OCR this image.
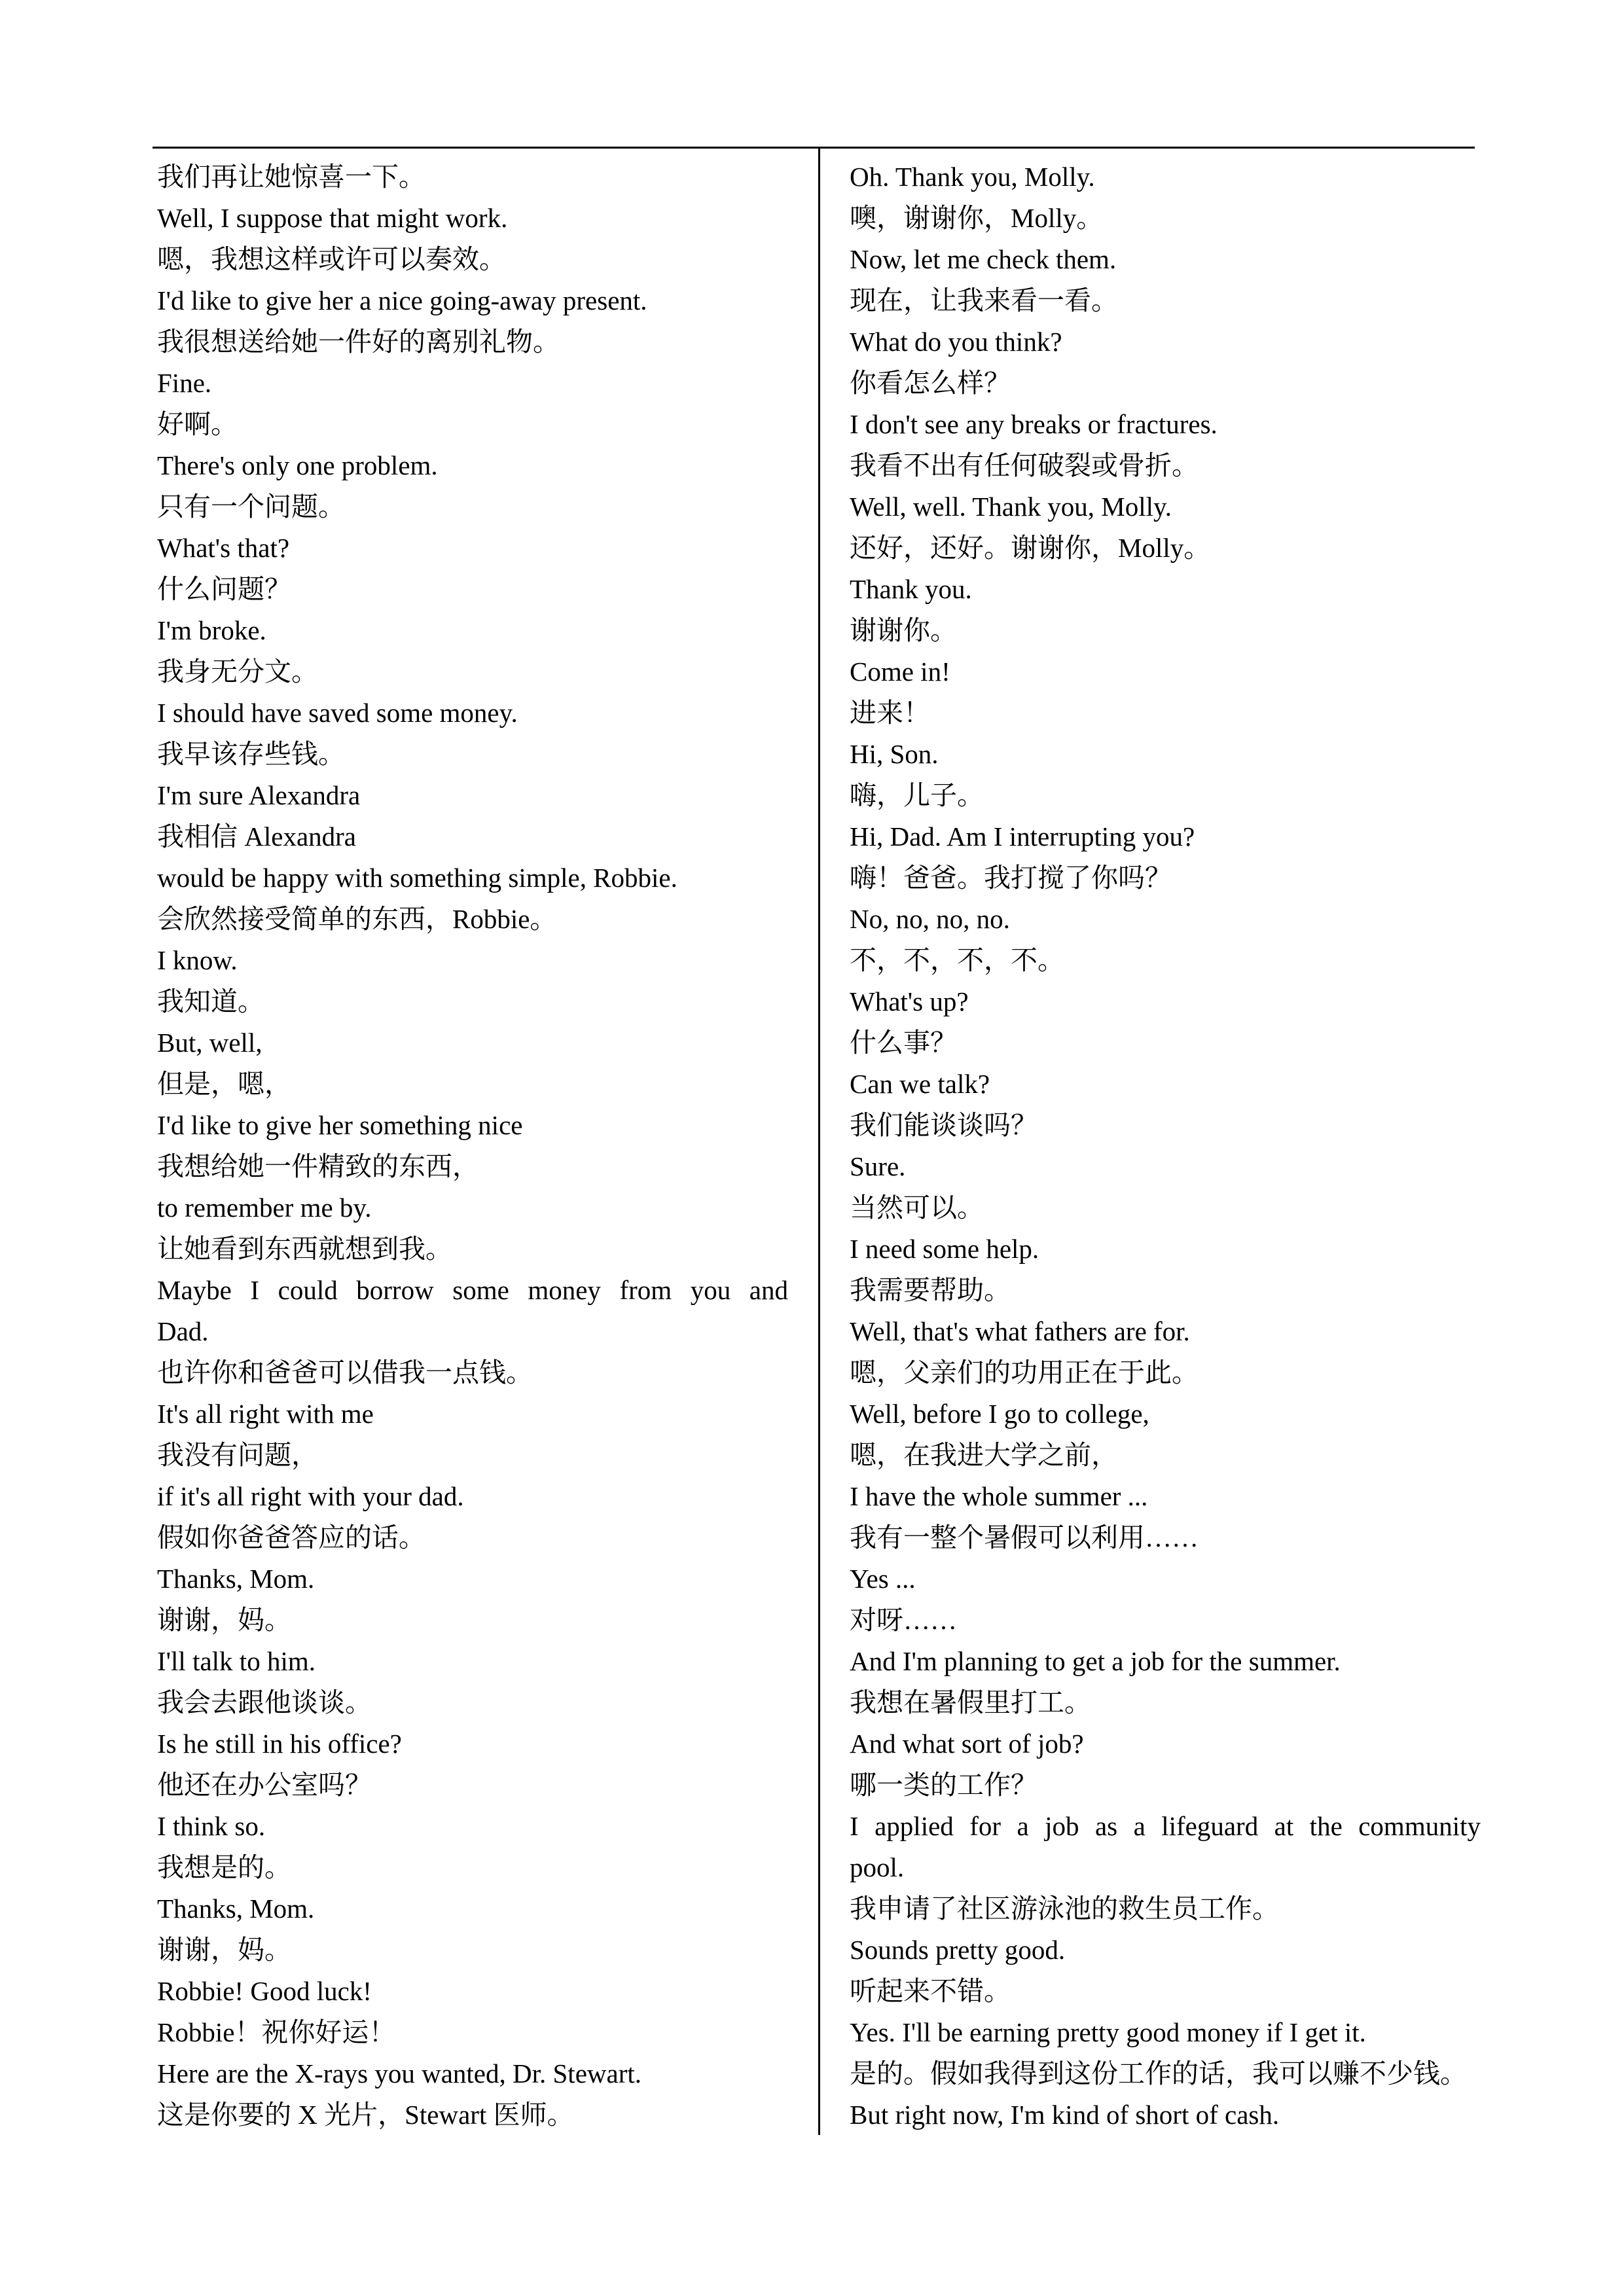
我们再让她惊喜一下。
Well, I suppose that might work.
嗯，我想这样或许可以奏效。
I'd like to give her a nice going-away present.
我很想送给她一件好的离别礼物。
Fine.
好啊。
There's only one problem.
只有一个问题。
What's that?
什么问题？
I'm broke.
我身无分文。
I should have saved some money.
我早该存些钱。
I'm sure Alexandra
我相信 Alexandra
would be happy with something simple, Robbie.
会欣然接受简单的东西，Robbie。
I know.
我知道。
But, well,
但是，嗯，
I'd like to give her something nice
我想给她一件精致的东西，
to remember me by.
让她看到东西就想到我。
Maybe I could borrow some money from you and
Dad.
也许你和爸爸可以借我一点钱。
It's all right with me
我没有问题，
if it's all right with your dad.
假如你爸爸答应的话。
Thanks, Mom.
谢谢，妈。
I'll talk to him.
我会去跟他谈谈。
Is he still in his office?
他还在办公室吗？
I think so.
我想是的。
Thanks, Mom.
谢谢，妈。
Robbie! Good luck!
Robbie！祝你好运！
Here are the X-rays you wanted, Dr. Stewart.
这是你要的 X 光片，Stewart 医师。
Oh. Thank you, Molly.
噢，谢谢你，Molly。
Now, let me check them.
现在，让我来看一看。
What do you think?
你看怎么样？
I don't see any breaks or fractures.
我看不出有任何破裂或骨折。
Well, well. Thank you, Molly.
还好，还好。谢谢你，Molly。
Thank you.
谢谢你。
Come in!
进来！
Hi, Son.
嗨，儿子。
Hi, Dad. Am I interrupting you?
嗨！爸爸。我打搅了你吗？
No, no, no, no.
不，不，不，不。
What's up?
什么事？
Can we talk?
我们能谈谈吗？
Sure.
当然可以。
I need some help.
我需要帮助。
Well, that's what fathers are for.
嗯，父亲们的功用正在于此。
Well, before I go to college,
嗯，在我进大学之前，
I have the whole summer ...
我有一整个暑假可以利用……
Yes ...
对呀……
And I'm planning to get a job for the summer.
我想在暑假里打工。
And what sort of job?
哪一类的工作？
I applied for a job as a lifeguard at the community
pool.
我申请了社区游泳池的救生员工作。
Sounds pretty good.
听起来不错。
Yes. I'll be earning pretty good money if I get it.
是的。假如我得到这份工作的话，我可以赚不少钱。
But right now, I'm kind of short of cash.
